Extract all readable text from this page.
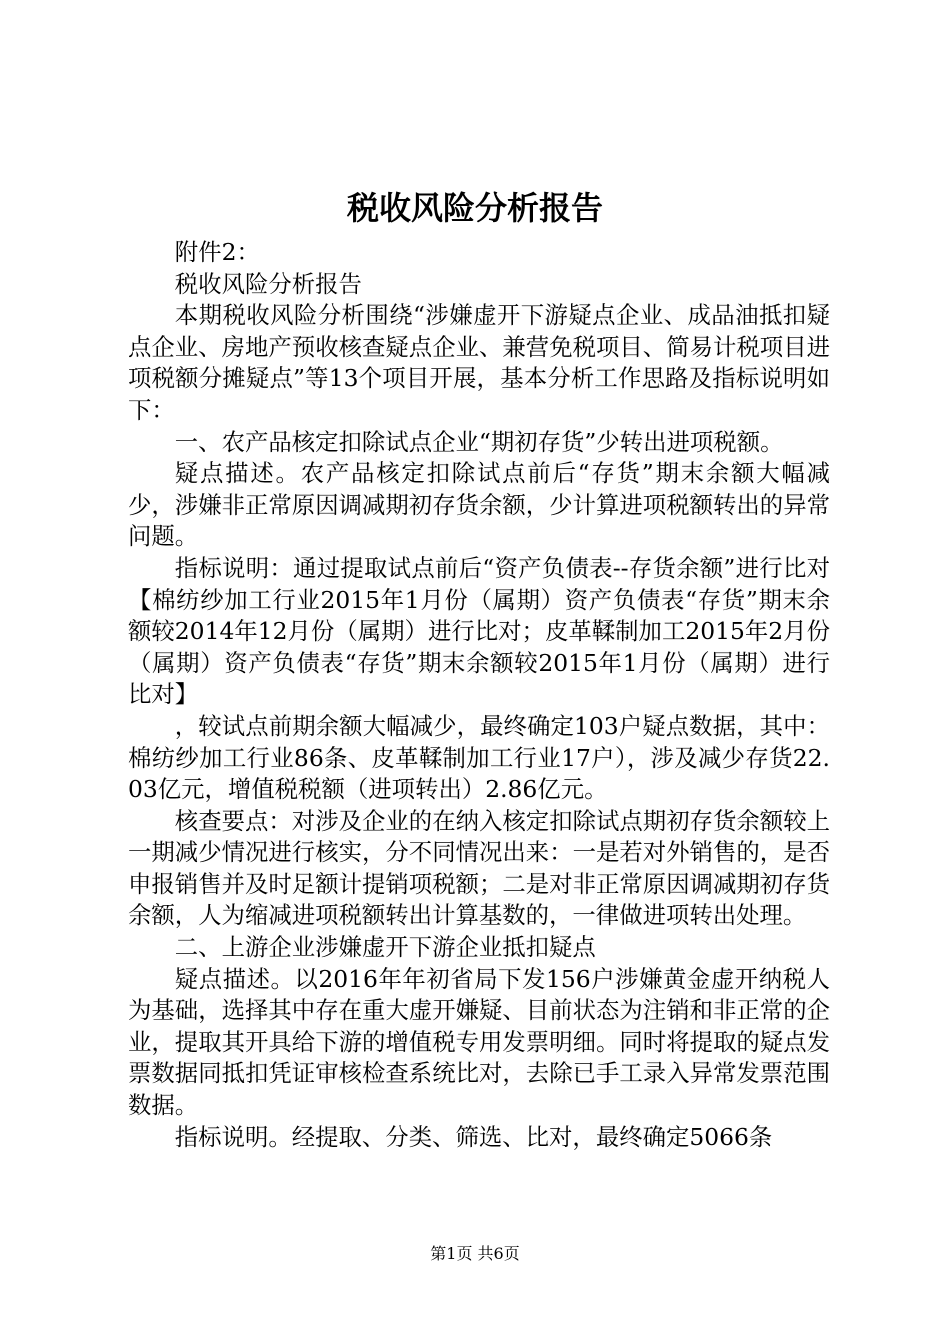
税收风险分析报告

附件2：

税收风险分析报告

本期税收风险分析围绕“涉嫌虚开下游疑点企业、成品油抵扣疑点企业、房地产预收核查疑点企业、兼营免税项目、简易计税项目进项税额分摊疑点”等13个项目开展，基本分析工作思路及指标说明如下：

一、农产品核定扣除试点企业“期初存货”少转出进项税额。

疑点描述。农产品核定扣除试点前后“存货”期末余额大幅减少，涉嫌非正常原因调减期初存货余额，少计算进项税额转出的异常问题。

指标说明：通过提取试点前后“资产负债表--存货余额”进行比对【棉纺纱加工行业2015年1月份（属期）资产负债表“存货”期末余额较2014年12月份（属期）进行比对；皮革鞣制加工2015年2月份（属期）资产负债表“存货”期末余额较2015年1月份（属期）进行比对】

，较试点前期余额大幅减少，最终确定103户疑点数据，其中：棉纺纱加工行业86条、皮革鞣制加工行业17户），涉及减少存货22.03亿元，增值税税额（进项转出）2.86亿元。

核查要点：对涉及企业的在纳入核定扣除试点期初存货余额较上一期减少情况进行核实，分不同情况出来：一是若对外销售的，是否申报销售并及时足额计提销项税额；二是对非正常原因调减期初存货余额，人为缩减进项税额转出计算基数的，一律做进项转出处理。

二、上游企业涉嫌虚开下游企业抵扣疑点

疑点描述。以2016年年初省局下发156户涉嫌黄金虚开纳税人为基础，选择其中存在重大虚开嫌疑、目前状态为注销和非正常的企业，提取其开具给下游的增值税专用发票明细。同时将提取的疑点发票数据同抵扣凭证审核检查系统比对，去除已手工录入异常发票范围数据。

指标说明。经提取、分类、筛选、比对，最终确定5066条

第1页 共6页
